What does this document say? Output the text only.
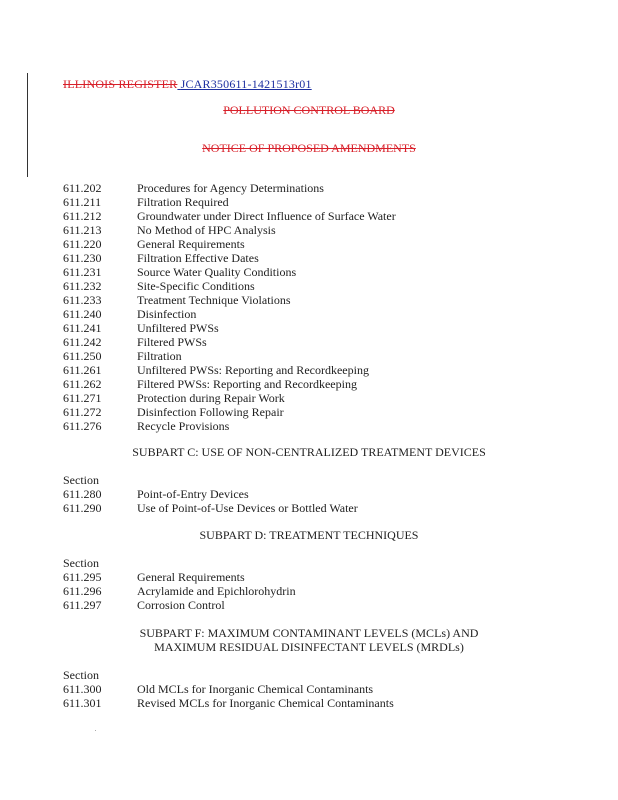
ILLINOIS REGISTER JCAR350611-1421513r01
POLLUTION CONTROL BOARD
NOTICE OF PROPOSED AMENDMENTS
611.202	Procedures for Agency Determinations
611.211	Filtration Required
611.212	Groundwater under Direct Influence of Surface Water
611.213	No Method of HPC Analysis
611.220	General Requirements
611.230	Filtration Effective Dates
611.231	Source Water Quality Conditions
611.232	Site-Specific Conditions
611.233	Treatment Technique Violations
611.240	Disinfection
611.241	Unfiltered PWSs
611.242	Filtered PWSs
611.250	Filtration
611.261	Unfiltered PWSs: Reporting and Recordkeeping
611.262	Filtered PWSs: Reporting and Recordkeeping
611.271	Protection during Repair Work
611.272	Disinfection Following Repair
611.276	Recycle Provisions
SUBPART C: USE OF NON-CENTRALIZED TREATMENT DEVICES
Section
611.280	Point-of-Entry Devices
611.290	Use of Point-of-Use Devices or Bottled Water
SUBPART D: TREATMENT TECHNIQUES
Section
611.295	General Requirements
611.296	Acrylamide and Epichlorohydrin
611.297	Corrosion Control
SUBPART F: MAXIMUM CONTAMINANT LEVELS (MCLs) AND
MAXIMUM RESIDUAL DISINFECTANT LEVELS (MRDLs)
Section
611.300	Old MCLs for Inorganic Chemical Contaminants
611.301	Revised MCLs for Inorganic Chemical Contaminants
